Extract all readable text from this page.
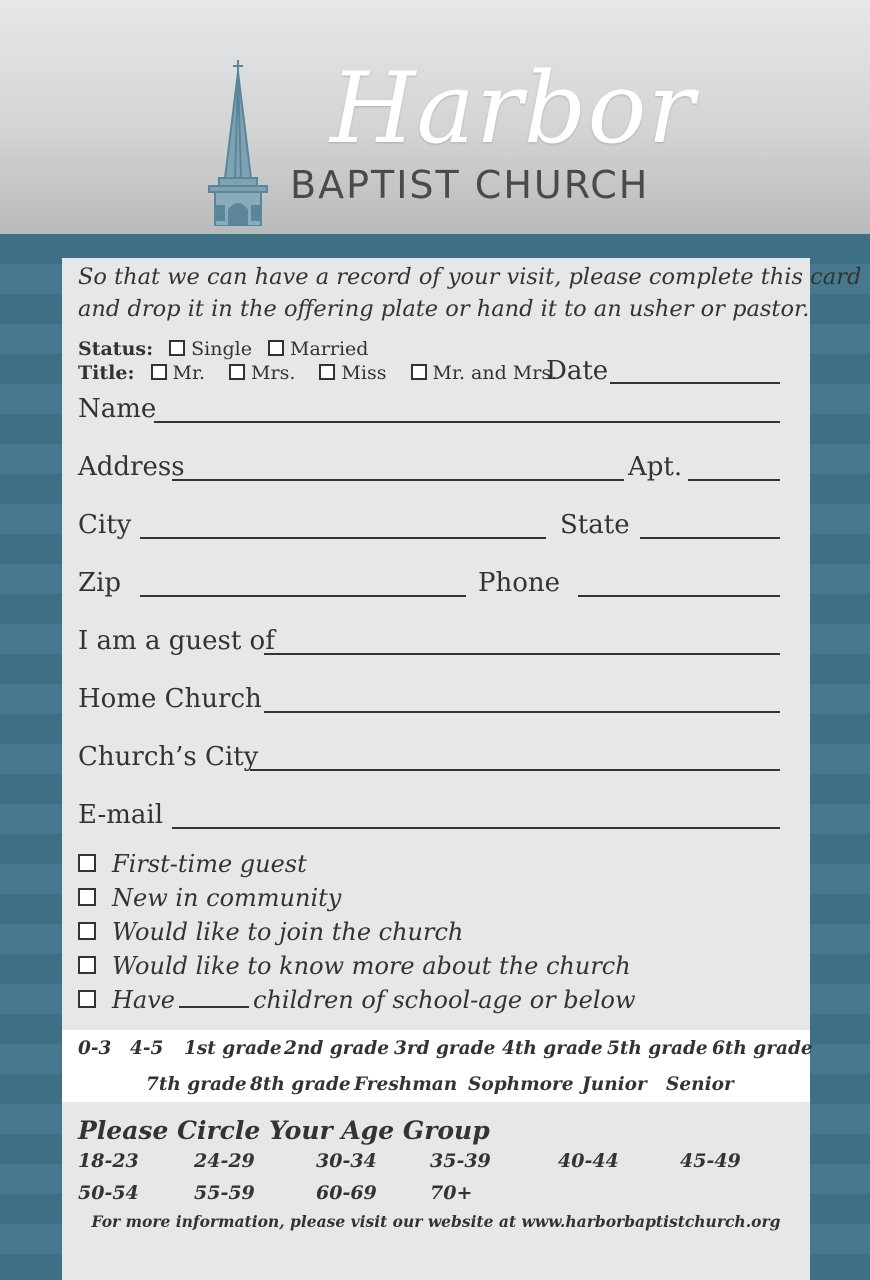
Harbor
BAPTIST CHURCH
So that we can have a record of your visit, please complete this card
and drop it in the offering plate or hand it to an usher or pastor.
Status: Single Married
Title: Mr. Mrs. Miss Mr. and Mrs.
Date
Name
Address	Apt.
City	State
Zip	Phone
I am a guest of
Home Church
Church’s City
E-mail
First-time guest
New in community
Would like to join the church
Would like to know more about the church
Have	children of school-age or below
0-3 4-5 1st grade 2nd grade 3rd grade 4th grade 5th grade 6th grade
7th grade 8th grade Freshman Sophmore Junior Senior
Please Circle Your Age Group
18-23	24-29	30-34	35-39	40-44	45-49
50-54	55-59	60-69	70+
For more information, please visit our website at www.harborbaptistchurch.org
